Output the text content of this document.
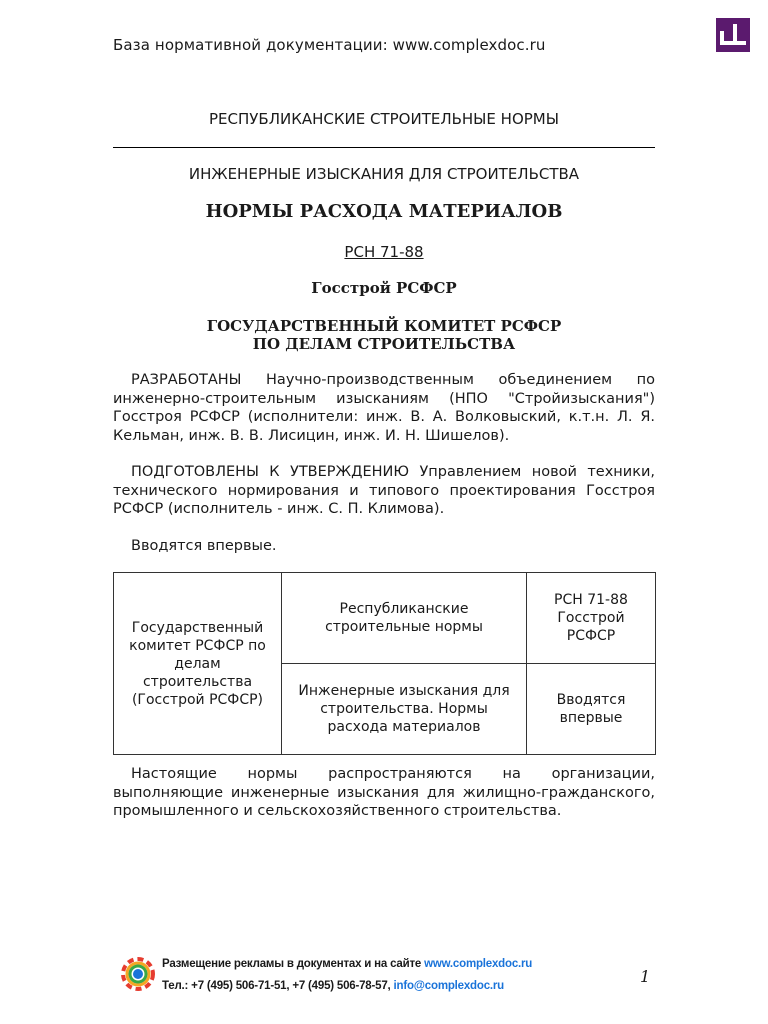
База нормативной документации: www.complexdoc.ru
РЕСПУБЛИКАНСКИЕ СТРОИТЕЛЬНЫЕ НОРМЫ
ИНЖЕНЕРНЫЕ ИЗЫСКАНИЯ ДЛЯ СТРОИТЕЛЬСТВА
НОРМЫ РАСХОДА МАТЕРИАЛОВ
РСН 71-88
Госстрой РСФСР
ГОСУДАРСТВЕННЫЙ КОМИТЕТ РСФСР
ПО ДЕЛАМ СТРОИТЕЛЬСТВА
РАЗРАБОТАНЫ Научно-производственным объединением по инженерно-строительным изысканиям (НПО "Стройизыскания") Госстроя РСФСР (исполнители: инж. В. А. Волковыский, к.т.н. Л. Я. Кельман, инж. В. В. Лисицин, инж. И. Н. Шишелов).
ПОДГОТОВЛЕНЫ К УТВЕРЖДЕНИЮ Управлением новой техники, технического нормирования и типового проектирования Госстроя РСФСР (исполнитель - инж. С. П. Климова).
Вводятся впервые.
Государственный комитет РСФСР по делам строительства (Госстрой РСФСР)	Республиканские строительные нормы	РСН 71-88 Госстрой РСФСР
	Инженерные изыскания для строительства. Нормы расхода материалов	Вводятся впервые
Настоящие нормы распространяются на организации, выполняющие инженерные изыскания для жилищно-гражданского, промышленного и сельскохозяйственного строительства.
Размещение рекламы в документах и на сайте www.complexdoc.ru
Тел.: +7 (495) 506-71-51, +7 (495) 506-78-57, info@complexdoc.ru	1
